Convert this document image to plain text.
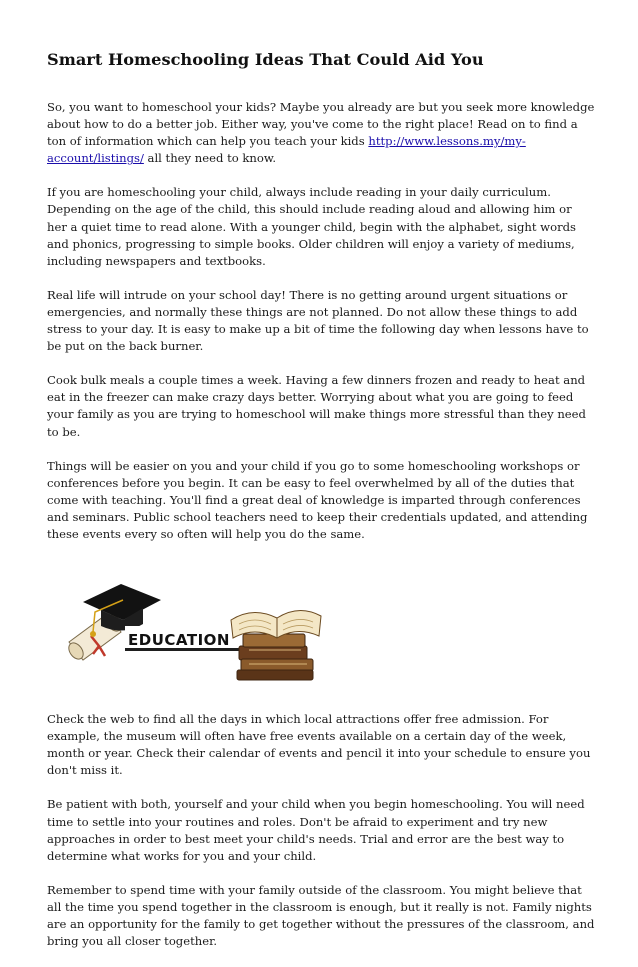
Smart Homeschooling Ideas That Could Aid You

So, you want to homeschool your kids? Maybe you already are but you seek more knowledge about how to do a better job. Either way, you've come to the right place! Read on to find a ton of information which can help you teach your kids http://www.lessons.my/my-account/listings/ all they need to know.

If you are homeschooling your child, always include reading in your daily curriculum. Depending on the age of the child, this should include reading aloud and allowing him or her a quiet time to read alone. With a younger child, begin with the alphabet, sight words and phonics, progressing to simple books. Older children will enjoy a variety of mediums, including newspapers and textbooks.

Real life will intrude on your school day! There is no getting around urgent situations or emergencies, and normally these things are not planned. Do not allow these things to add stress to your day. It is easy to make up a bit of time the following day when lessons have to be put on the back burner.

Cook bulk meals a couple times a week. Having a few dinners frozen and ready to heat and eat in the freezer can make crazy days better. Worrying about what you are going to feed your family as you are trying to homeschool will make things more stressful than they need to be.

Things will be easier on you and your child if you go to some homeschooling workshops or conferences before you begin. It can be easy to feel overwhelmed by all of the duties that come with teaching. You'll find a great deal of knowledge is imparted through conferences and seminars. Public school teachers need to keep their credentials updated, and attending these events every so often will help you do the same.

EDUCATION

Check the web to find all the days in which local attractions offer free admission. For example, the museum will often have free events available on a certain day of the week, month or year. Check their calendar of events and pencil it into your schedule to ensure you don't miss it.

Be patient with both, yourself and your child when you begin homeschooling. You will need time to settle into your routines and roles. Don't be afraid to experiment and try new approaches in order to best meet your child's needs. Trial and error are the best way to determine what works for you and your child.

Remember to spend time with your family outside of the classroom. You might believe that all the time you spend together in the classroom is enough, but it really is not. Family nights are an opportunity for the family to get together without the pressures of the classroom, and bring you all closer together.
